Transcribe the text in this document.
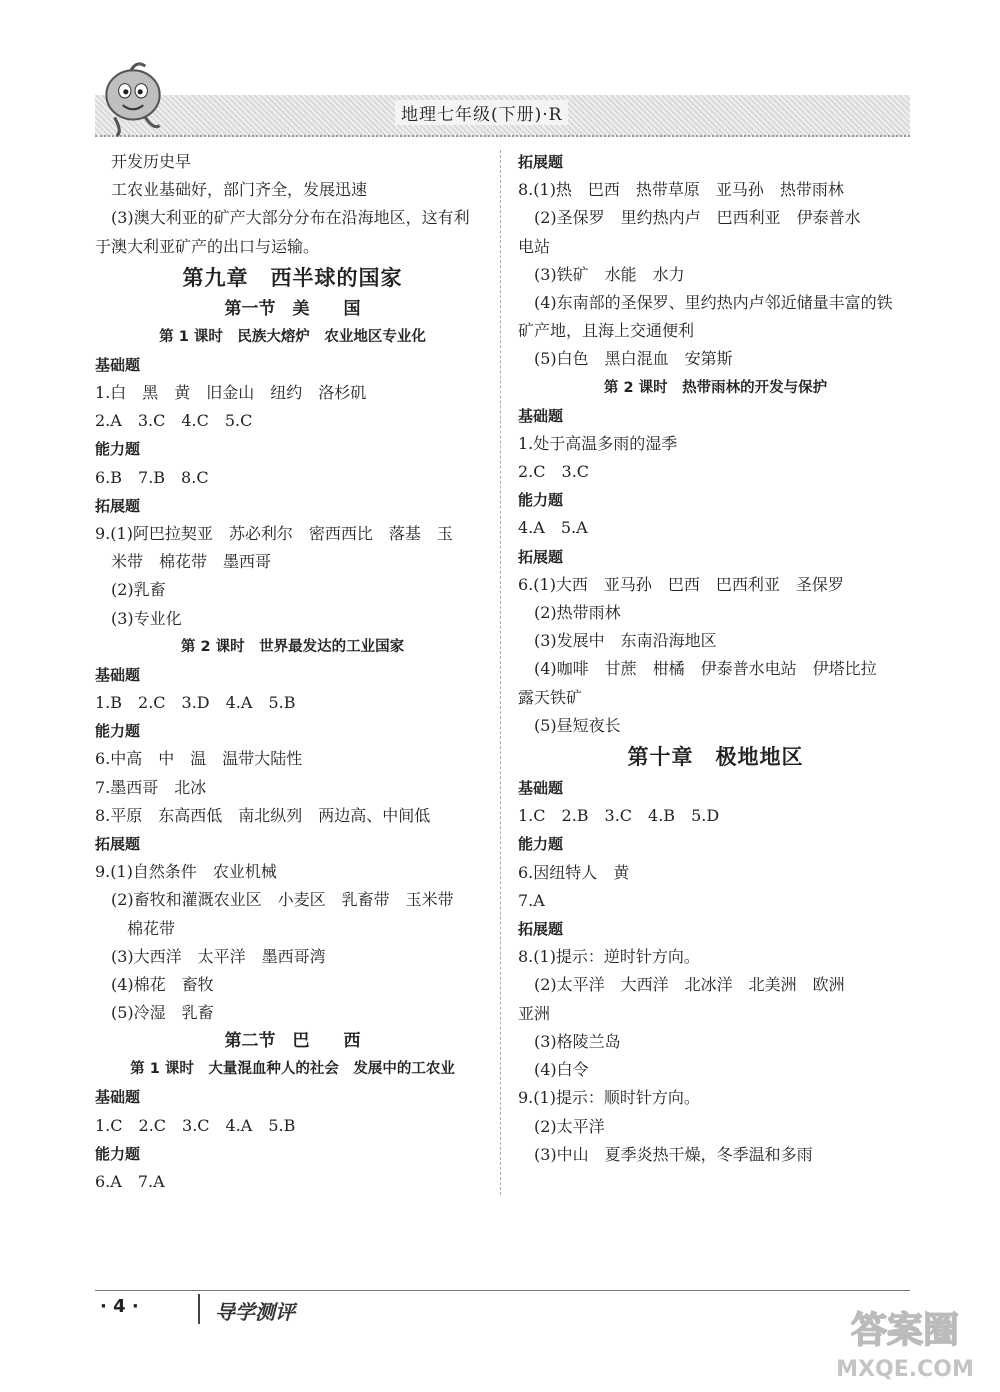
地理七年级(下册)·R
开发历史早
工农业基础好，部门齐全，发展迅速
(3)澳大利亚的矿产大部分分布在沿海地区，这有利
于澳大利亚矿产的出口与运输。
第九章　西半球的国家
第一节　美　　国
第 1 课时　民族大熔炉　农业地区专业化
基础题
1.白　黑　黄　旧金山　纽约　洛杉矶
2.A　3.C　4.C　5.C
能力题
6.B　7.B　8.C
拓展题
9.(1)阿巴拉契亚　苏必利尔　密西西比　落基　玉
米带　棉花带　墨西哥
(2)乳畜
(3)专业化
第 2 课时　世界最发达的工业国家
基础题
1.B　2.C　3.D　4.A　5.B
能力题
6.中高　中　温　温带大陆性
7.墨西哥　北冰
8.平原　东高西低　南北纵列　两边高、中间低
拓展题
9.(1)自然条件　农业机械
(2)畜牧和灌溉农业区　小麦区　乳畜带　玉米带
　棉花带
(3)大西洋　太平洋　墨西哥湾
(4)棉花　畜牧
(5)冷湿　乳畜
第二节　巴　　西
第 1 课时　大量混血种人的社会　发展中的工农业
基础题
1.C　2.C　3.C　4.A　5.B
能力题
6.A　7.A
拓展题
8.(1)热　巴西　热带草原　亚马孙　热带雨林
(2)圣保罗　里约热内卢　巴西利亚　伊泰普水
电站
(3)铁矿　水能　水力
(4)东南部的圣保罗、里约热内卢邻近储量丰富的铁
矿产地，且海上交通便利
(5)白色　黑白混血　安第斯
第 2 课时　热带雨林的开发与保护
基础题
1.处于高温多雨的湿季
2.C　3.C
能力题
4.A　5.A
拓展题
6.(1)大西　亚马孙　巴西　巴西利亚　圣保罗
(2)热带雨林
(3)发展中　东南沿海地区
(4)咖啡　甘蔗　柑橘　伊泰普水电站　伊塔比拉
露天铁矿
(5)昼短夜长
第十章　极地地区
基础题
1.C　2.B　3.C　4.B　5.D
能力题
6.因纽特人　黄
7.A
拓展题
8.(1)提示：逆时针方向。
(2)太平洋　大西洋　北冰洋　北美洲　欧洲
亚洲
(3)格陵兰岛
(4)白令
9.(1)提示：顺时针方向。
(2)太平洋
(3)中山　夏季炎热干燥，冬季温和多雨
· 4 ·	导学测评	答案圈
MXQE.COM
